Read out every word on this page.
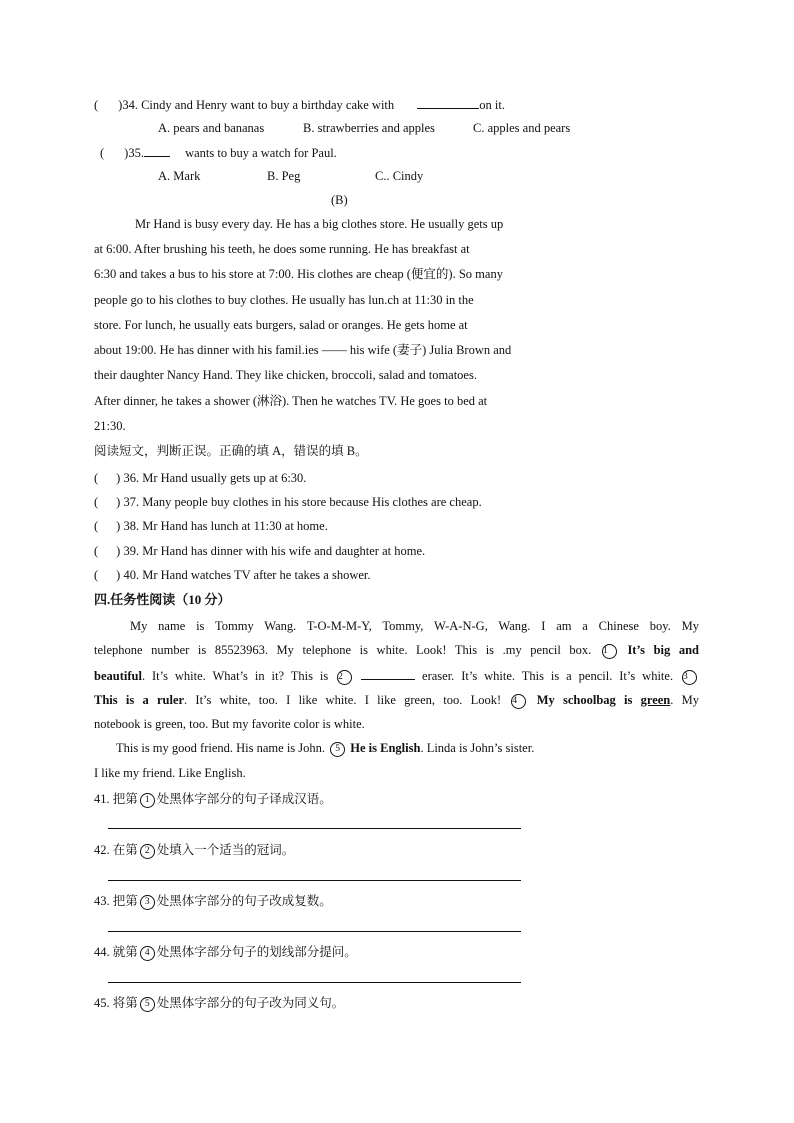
( )34. Cindy and Henry want to buy a birthday cake with	on it.
A. pears and bananas	B. strawberries and apples	C. apples and pears
( )35.	wants to buy a watch for Paul.
A. Mark	B. Peg	C.. Cindy
(B)
Mr Hand is busy every day. He has a big clothes store. He usually gets up
at 6:00. After brushing his teeth, he does some running. He has breakfast at
6:30 and takes a bus to his store at 7:00. His clothes are cheap (便宜的). So many
people go to his clothes to buy clothes. He usually has lun.ch at 11:30 in the
store. For lunch, he usually eats burgers, salad or oranges. He gets home at
about 19:00. He has dinner with his famil.ies —— his wife (妻子) Julia Brown and
their daughter Nancy Hand. They like chicken, broccoli, salad and tomatoes.
After dinner, he takes a shower (淋浴). Then he watches TV. He goes to bed at
21:30.
阅读短文，判断正误。正确的填 A，错误的填 B。
( ) 36. Mr Hand usually gets up at 6:30.
( ) 37. Many people buy clothes in his store because His clothes are cheap.
( ) 38. Mr Hand has lunch at 11:30 at home.
( ) 39. Mr Hand has dinner with his wife and daughter at home.
( ) 40. Mr Hand watches TV after he takes a shower.
四.任务性阅读（10 分）
My name is Tommy Wang. T-O-M-M-Y, Tommy, W-A-N-G, Wang. I am a Chinese boy. My
telephone number is 85523963. My telephone is white. Look! This is .my pencil box. 1 It’s big and
beautiful. It’s white. What’s in it? This is 2	eraser. It’s white. This is a pencil. It’s white. 3
This is a ruler. It’s white, too. I like white. I like green, too. Look! 4 My schoolbag is green. My
notebook is green, too. But my favorite color is white.
This is my good friend. His name is John. 5 He is English. Linda is John’s sister.
I like my friend. Like English.
41. 把第 1 处黑体字部分的句子译成汉语。
42. 在第 2 处填入一个适当的冠词。
43. 把第 3 处黑体字部分的句子改成复数。
44. 就第 4 处黑体字部分句子的划线部分提问。
45. 将第 5 处黑体字部分的句子改为同义句。
